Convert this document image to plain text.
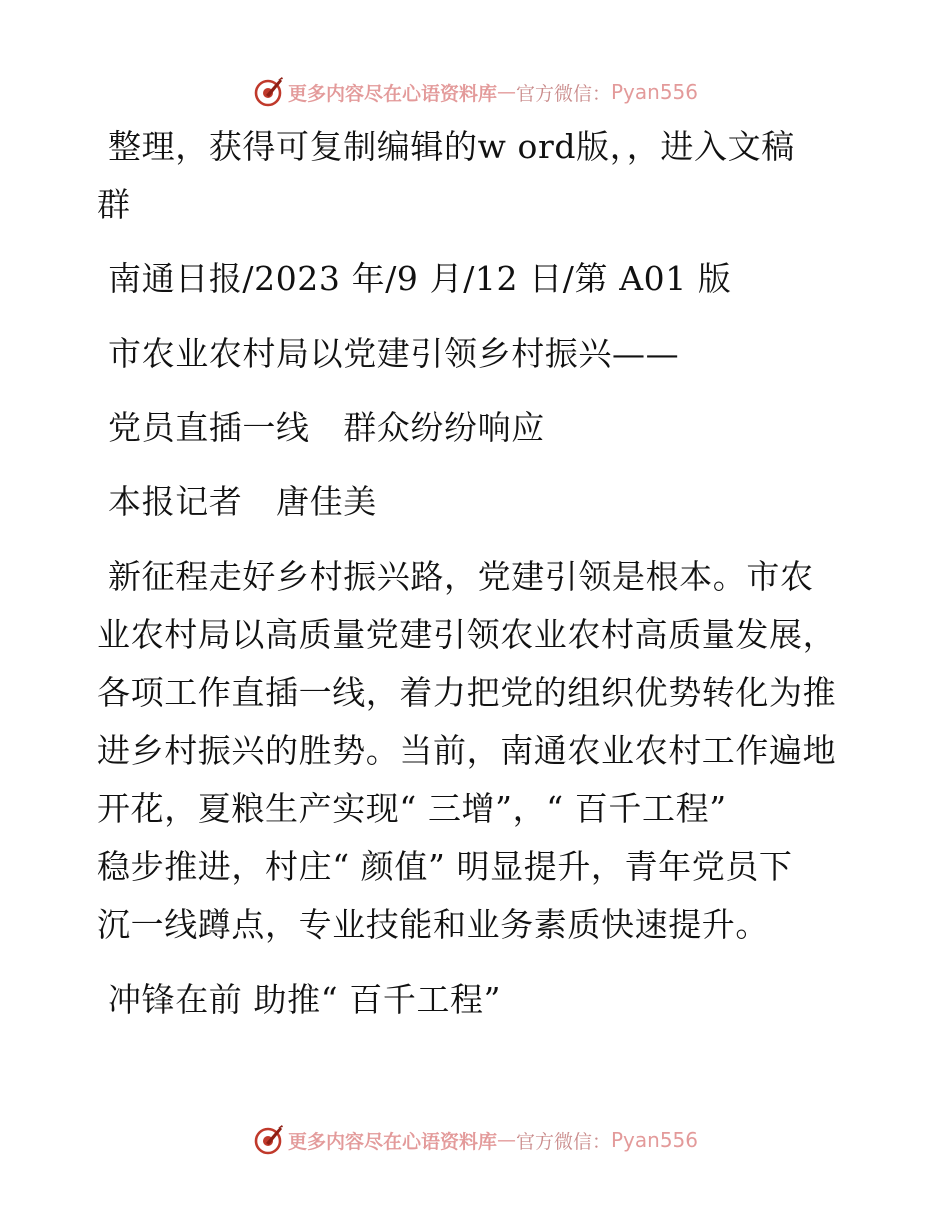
更多内容尽在心语资料库 — 官方微信： Pyan556
整理，获得可复制编辑的w ord版，，进入文稿
群
南通日报/2023 年/9 月/12 日/第 A01 版
市农业农村局以党建引领乡村振兴——
党员直插一线　群众纷纷响应
本报记者　唐佳美
新征程走好乡村振兴路，党建引领是根本。市农
业农村局以高质量党建引领农业农村高质量发展，
各项工作直插一线，着力把党的组织优势转化为推
进乡村振兴的胜势。当前，南通农业农村工作遍地
开花，夏粮生产实现“ 三增”，“ 百千工程”
稳步推进，村庄“ 颜值” 明显提升，青年党员下
沉一线蹲点，专业技能和业务素质快速提升。
冲锋在前 助推“ 百千工程”
更多内容尽在心语资料库 — 官方微信： Pyan556
